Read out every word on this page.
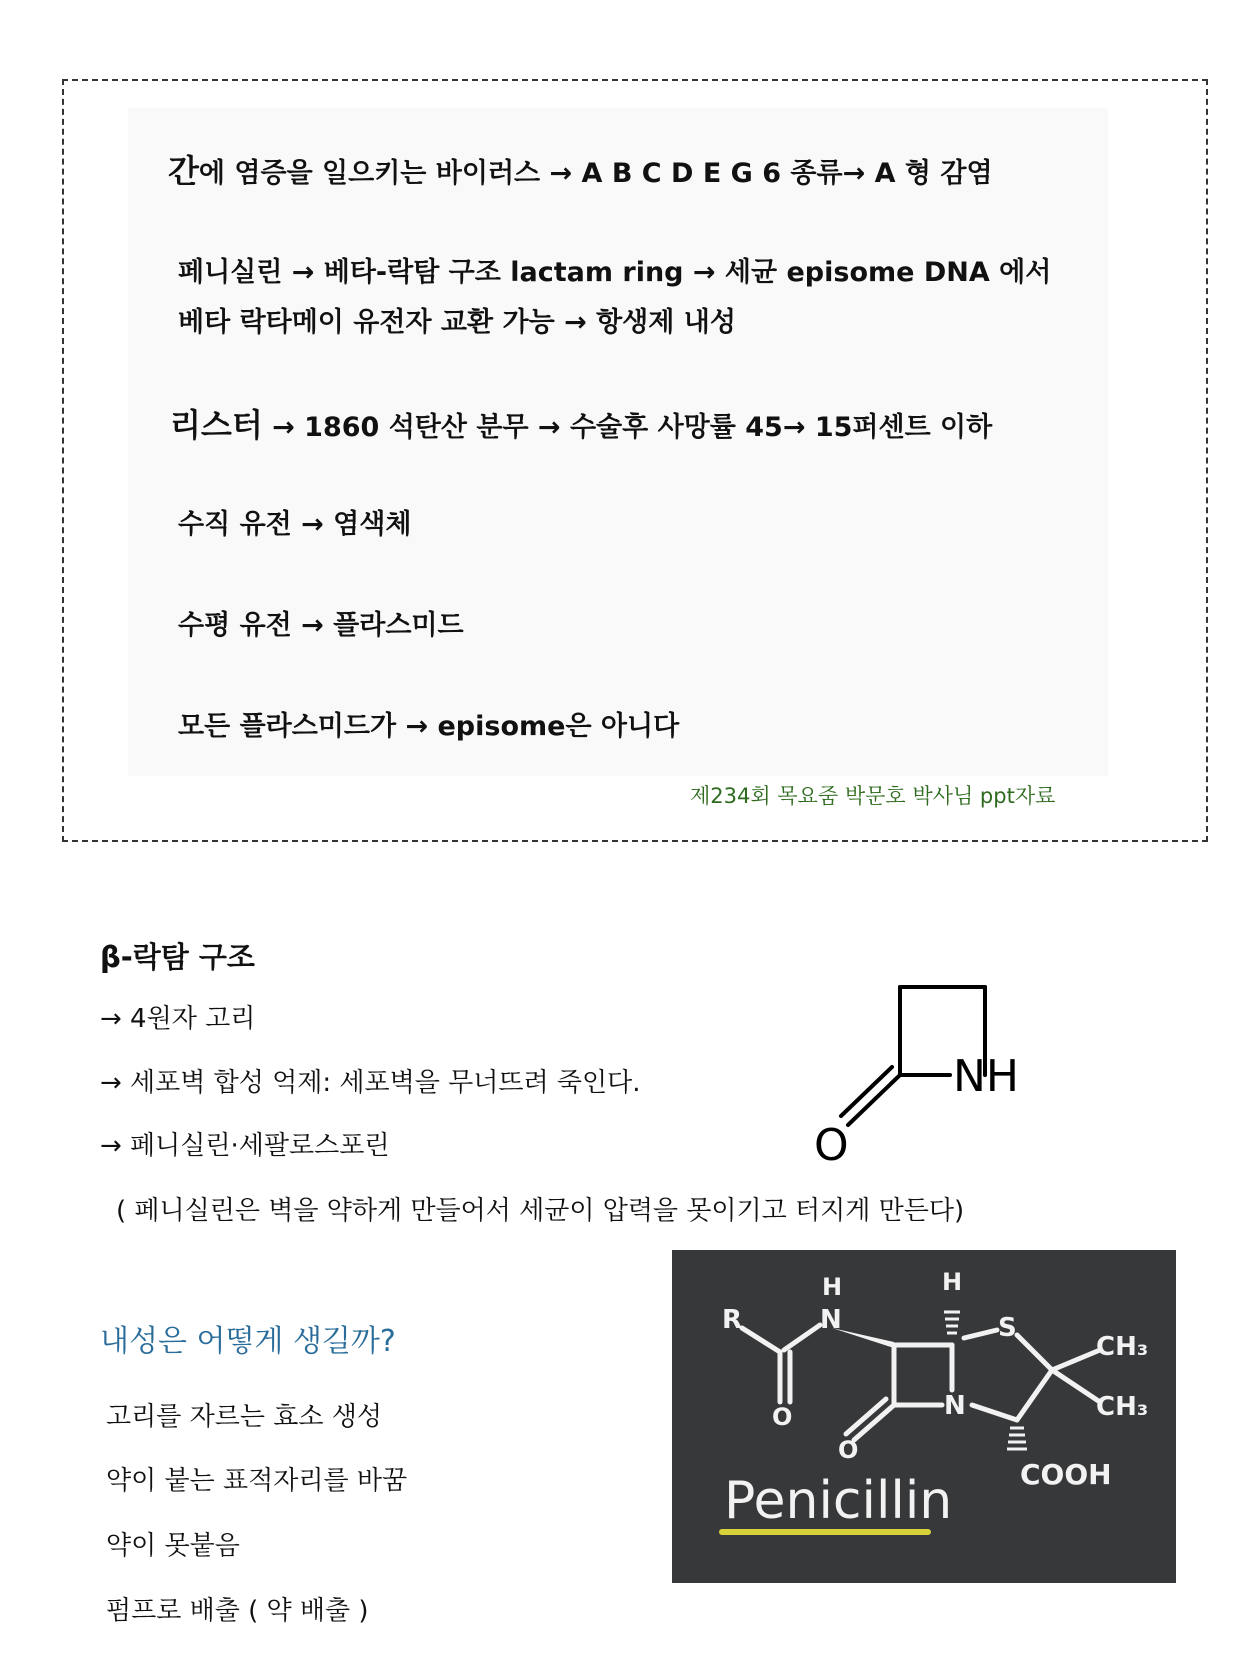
간에 염증을 일으키는 바이러스 → A B C D E G 6 종류→ A 형 감염
페니실린 → 베타-락탐 구조 lactam ring → 세균 episome DNA 에서
베타 락타메이 유전자 교환 가능 → 항생제 내성
리스터 → 1860 석탄산 분무 → 수술후 사망률 45→ 15퍼센트 이하
수직 유전 → 염색체
수평 유전 → 플라스미드
모든 플라스미드가 → episome은 아니다
제234회 목요줌 박문호 박사님 ppt자료
β-락탐 구조
→ 4원자 고리
→ 세포벽 합성 억제: 세포벽을 무너뜨려 죽인다.
→ 페니실린·세팔로스포린
( 페니실린은 벽을 약하게 만들어서 세균이 압력을 못이기고 터지게 만든다)
NH
O
내성은 어떻게 생길까?
고리를 자르는 효소 생성
약이 붙는 표적자리를 바꿈
약이 못붙음
펌프로 배출 ( 약 배출 )
R	N
H	H
S
CH₃
CH₃
N
O
O
COOH
Penicillin
